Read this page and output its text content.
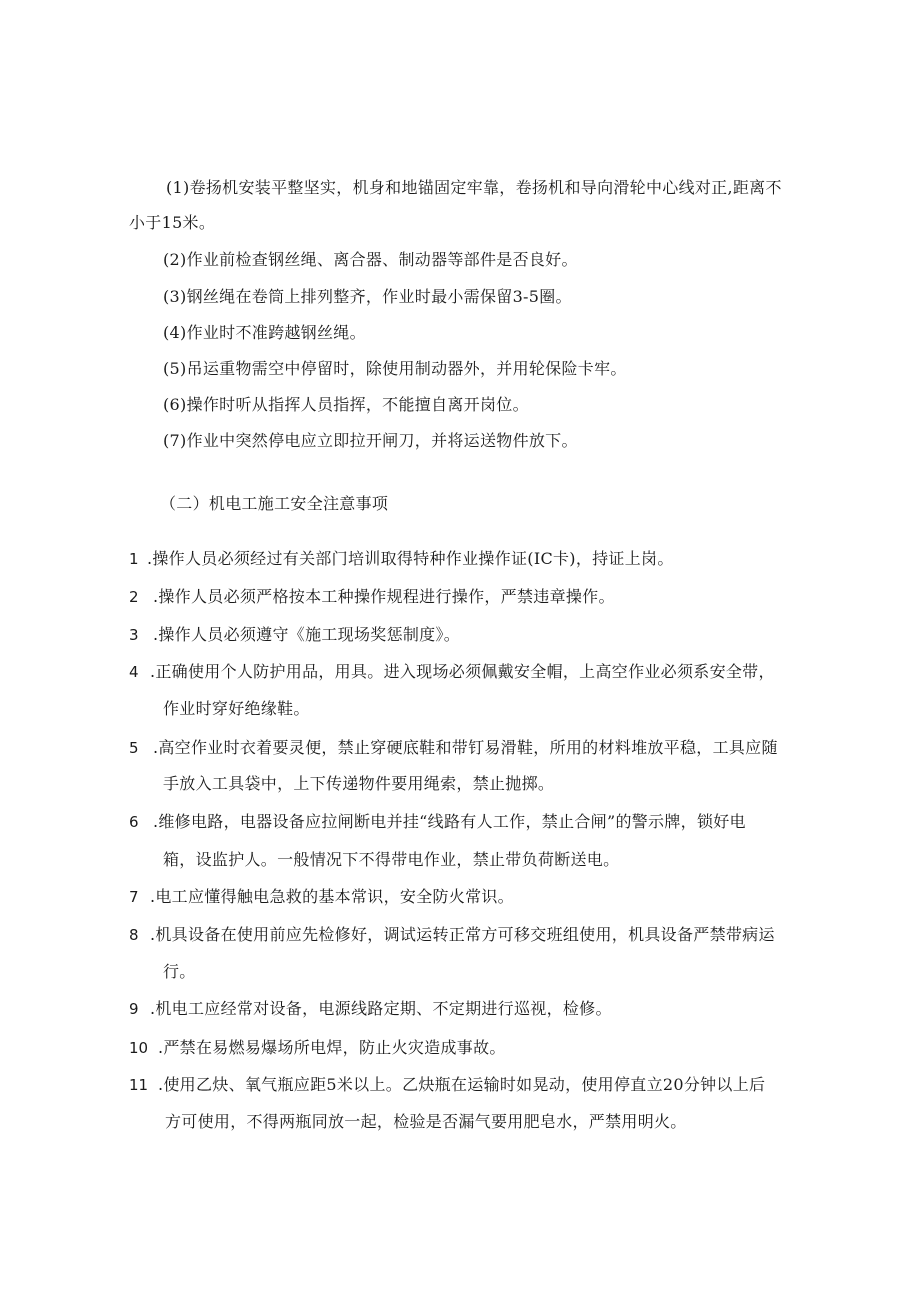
(1)卷扬机安装平整坚实，机身和地锚固定牢靠，卷扬机和导向滑轮中心线对正,距离不
小于15米。
(2)作业前检查钢丝绳、离合器、制动器等部件是否良好。
(3)钢丝绳在卷筒上排列整齐，作业时最小需保留3-5圈。
(4)作业时不准跨越钢丝绳。
(5)吊运重物需空中停留时，除使用制动器外，并用轮保险卡牢。
(6)操作时听从指挥人员指挥，不能擅自离开岗位。
(7)作业中突然停电应立即拉开闸刀，并将运送物件放下。
（二）机电工施工安全注意事项
1 .操作人员必须经过有关部门培训取得特种作业操作证(IC卡)，持证上岗。
2 .操作人员必须严格按本工种操作规程进行操作，严禁违章操作。
3 .操作人员必须遵守《施工现场奖惩制度》。
4 .正确使用个人防护用品，用具。进入现场必须佩戴安全帽，上高空作业必须系安全带，
作业时穿好绝缘鞋。
5 .高空作业时衣着要灵便，禁止穿硬底鞋和带钉易滑鞋，所用的材料堆放平稳，工具应随
手放入工具袋中，上下传递物件要用绳索，禁止抛掷。
6 .维修电路，电器设备应拉闸断电并挂“线路有人工作，禁止合闸”的警示牌，锁好电
箱，设监护人。一般情况下不得带电作业，禁止带负荷断送电。
7 .电工应懂得触电急救的基本常识，安全防火常识。
8 .机具设备在使用前应先检修好，调试运转正常方可移交班组使用，机具设备严禁带病运
行。
9 .机电工应经常对设备，电源线路定期、不定期进行巡视，检修。
10 .严禁在易燃易爆场所电焊，防止火灾造成事故。
11 .使用乙炔、氧气瓶应距5米以上。乙炔瓶在运输时如晃动，使用停直立20分钟以上后
方可使用，不得两瓶同放一起，检验是否漏气要用肥皂水，严禁用明火。
